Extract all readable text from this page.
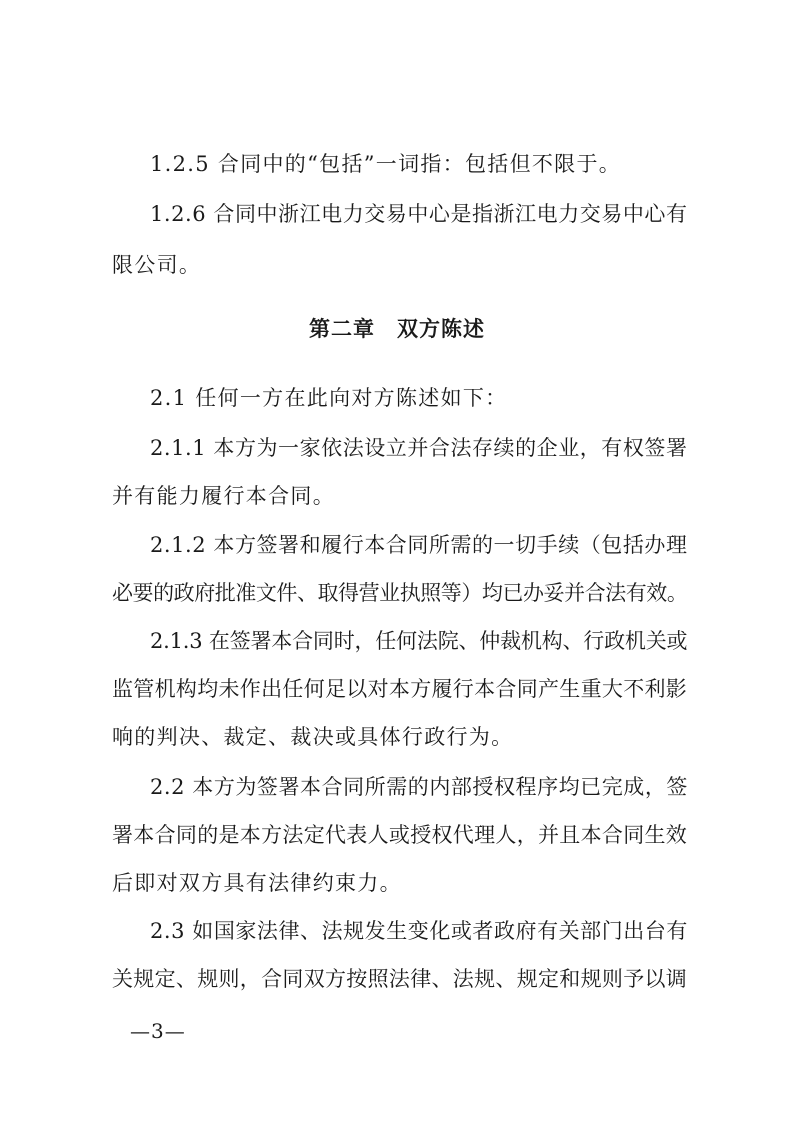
1.2.5 合同中的“包括”一词指：包括但不限于。
1.2.6 合同中浙江电力交易中心是指浙江电力交易中心有
限公司。
第二章　双方陈述
2.1 任何一方在此向对方陈述如下：
2.1.1 本方为一家依法设立并合法存续的企业，有权签署
并有能力履行本合同。
2.1.2 本方签署和履行本合同所需的一切手续（包括办理
必要的政府批准文件、取得营业执照等）均已办妥并合法有效。
2.1.3 在签署本合同时，任何法院、仲裁机构、行政机关或
监管机构均未作出任何足以对本方履行本合同产生重大不利影
响的判决、裁定、裁决或具体行政行为。
2.2 本方为签署本合同所需的内部授权程序均已完成，签
署本合同的是本方法定代表人或授权代理人，并且本合同生效
后即对双方具有法律约束力。
2.3 如国家法律、法规发生变化或者政府有关部门出台有
关规定、规则，合同双方按照法律、法规、规定和规则予以调
—3—
